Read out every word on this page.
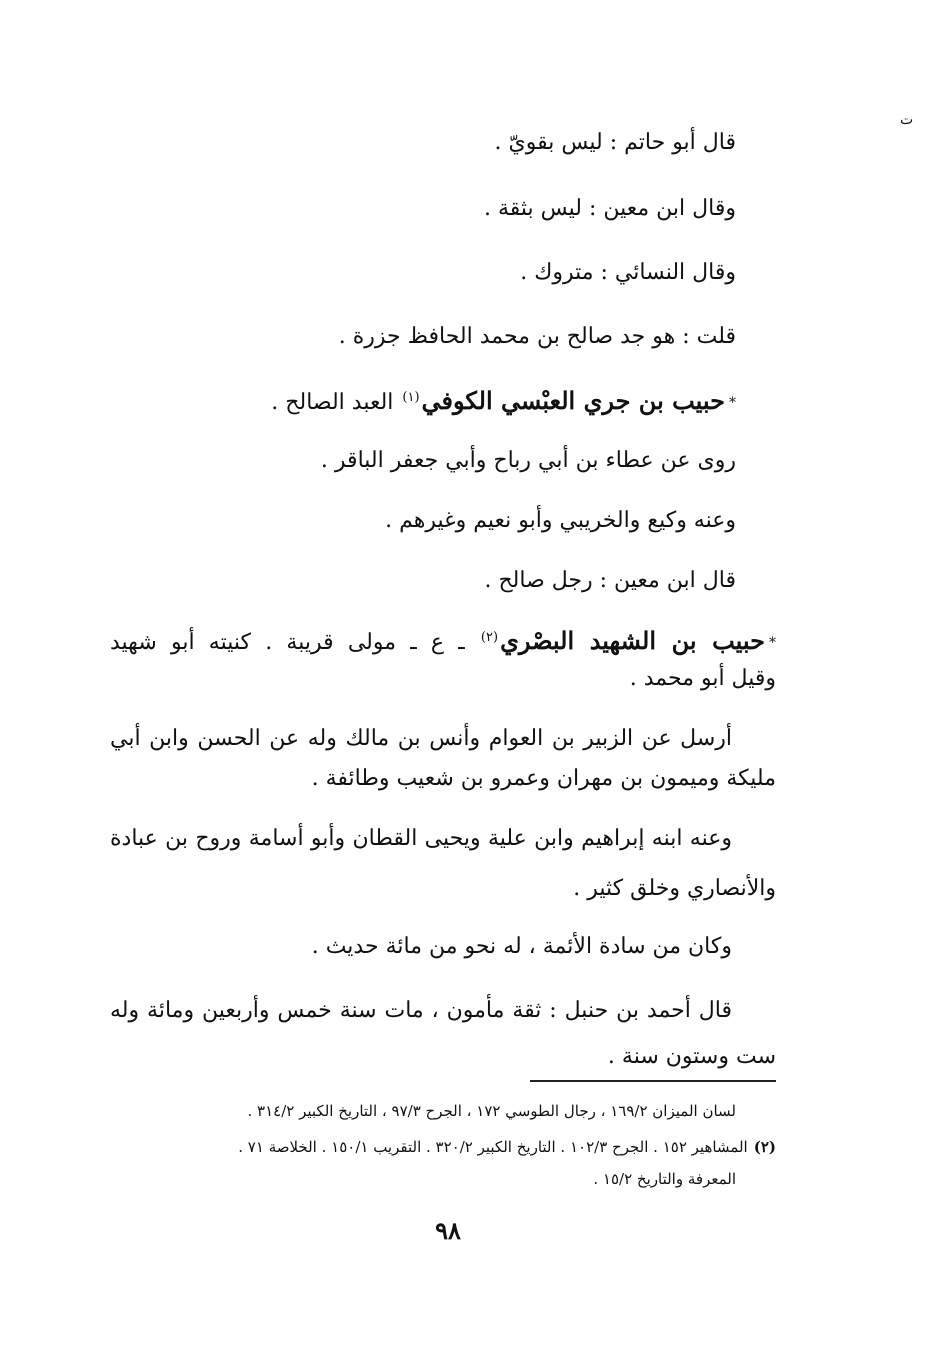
ت
قال أبو حاتم : ليس بقويّ .
وقال ابن معين : ليس بثقة .
وقال النسائي : متروك .
قلت : هو جد صالح بن محمد الحافظ جزرة .
*حبيب بن جري العبْسي الكوفي$^{(١)}$ العبد الصالح .
روى عن عطاء بن أبي رباح وأبي جعفر الباقر .
وعنه وكيع والخريبي وأبو نعيم وغيرهم .
قال ابن معين : رجل صالح .
*حبيب بن الشهيد البصْري$^{(٢)}$ ـ ع ـ مولى قريبة . كنيته أبو شهيد
وقيل أبو محمد .
أرسل عن الزبير بن العوام وأنس بن مالك وله عن الحسن وابن أبي
مليكة وميمون بن مهران وعمرو بن شعيب وطائفة .
وعنه ابنه إبراهيم وابن علية ويحيى القطان وأبو أسامة وروح بن عبادة
والأنصاري وخلق كثير .
وكان من سادة الأئمة ، له نحو من مائة حديث .
قال أحمد بن حنبل : ثقة مأمون ، مات سنة خمس وأربعين ومائة وله
ست وستون سنة .
لسان الميزان ١٦٩/٢ ، رجال الطوسي ١٧٢ ، الجرح ٩٧/٣ ، التاريخ الكبير ٣١٤/٢ .
(٢)المشاهير ١٥٢ . الجرح ١٠٢/٣ . التاريخ الكبير ٣٢٠/٢ . التقريب ١٥٠/١ . الخلاصة ٧١ .
المعرفة والتاريخ ١٥/٢ .
٩٨
